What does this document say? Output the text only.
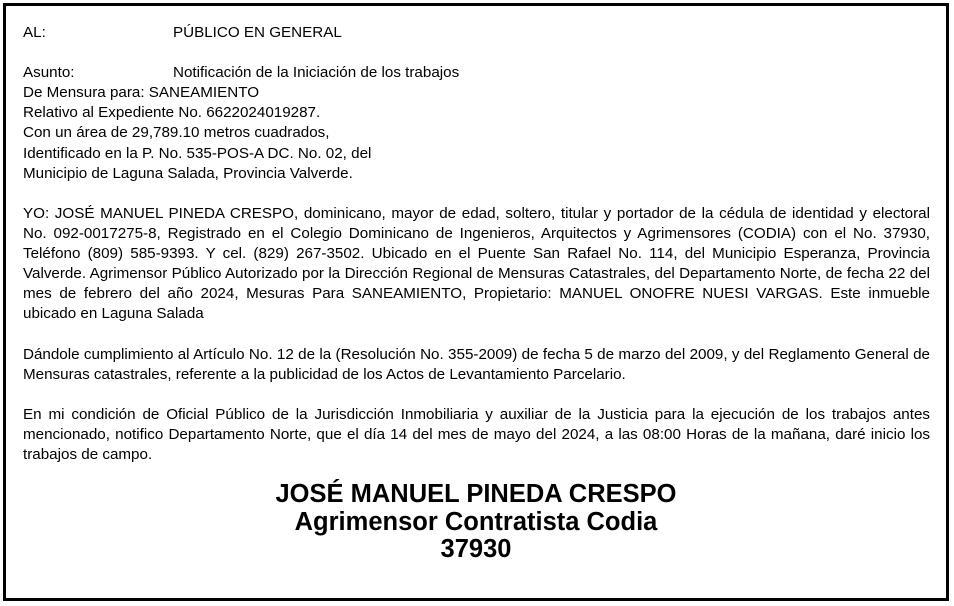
AL:	PÚBLICO EN GENERAL
Asunto:	Notificación de la Iniciación de los trabajos
De Mensura para: SANEAMIENTO
Relativo al Expediente No. 6622024019287.
Con un área de 29,789.10 metros cuadrados,
Identificado en la P. No. 535-POS-A DC. No. 02, del
Municipio de Laguna Salada, Provincia Valverde.

YO: JOSÉ MANUEL PINEDA CRESPO, dominicano, mayor de edad, soltero, titular y portador de la cédula de identidad y electoral No. 092-0017275-8, Registrado en el Colegio Dominicano de Ingenieros, Arquitectos y Agrimensores (CODIA) con el No. 37930, Teléfono (809) 585-9393. Y cel. (829) 267-3502. Ubicado en el Puente San Rafael No. 114, del Municipio Esperanza, Provincia Valverde. Agrimensor Público Autorizado por la Dirección Regional de Mensuras Catastrales, del Departamento Norte, de fecha 22 del mes de febrero del año 2024, Mesuras Para SANEAMIENTO, Propietario: MANUEL ONOFRE NUESI VARGAS. Este inmueble ubicado en Laguna Salada

Dándole cumplimiento al Artículo No. 12 de la (Resolución No. 355-2009) de fecha 5 de marzo del 2009, y del Reglamento General de Mensuras catastrales, referente a la publicidad de los Actos de Levantamiento Parcelario.

En mi condición de Oficial Público de la Jurisdicción Inmobiliaria y auxiliar de la Justicia para la ejecución de los trabajos antes mencionado, notifico Departamento Norte, que el día 14 del mes de mayo del 2024, a las 08:00 Horas de la mañana, daré inicio los trabajos de campo.

JOSÉ MANUEL PINEDA CRESPO
Agrimensor Contratista Codia
37930
